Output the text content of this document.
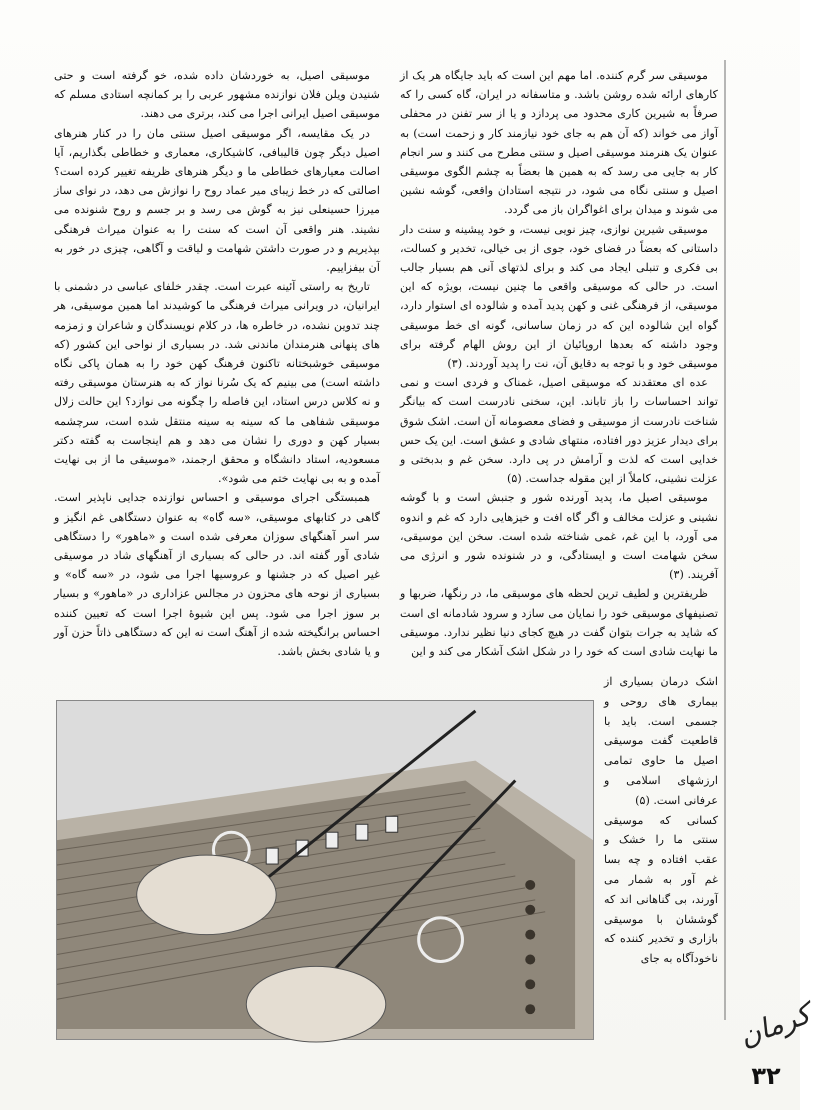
موسیقی سر گرم کننده. اما مهم این است که باید جایگاه هر یک از کارهای ارائه شده روشن باشد. و متاسفانه در ایران، گاه کسی را که صرفاً به شیرین کاری محدود می پردازد و یا از سر تفنن در محفلی آواز می خواند (که آن هم به جای خود نیازمند کار و زحمت است) به عنوان یک هنرمند موسیقی اصیل و سنتی مطرح می کنند و سر انجام کار به جایی می رسد که به همین ها بعضاً به چشم الگوی موسیقی اصیل و سنتی نگاه می شود، در نتیجه استادان واقعی، گوشه نشین می شوند و میدان برای اغواگران باز می گردد.

موسیقی شیرین نوازی، چیز نویی نیست، و خود پیشینه و سنت دار داستانی که بعضاً در فضای خود، جوی از بی خیالی، تخدیر و کسالت، بی فکری و تنبلی ایجاد می کند و برای لذتهای آنی هم بسیار جالب است. در حالی که موسیقی واقعی ما چنین نیست، بویژه که این موسیقی، از فرهنگی غنی و کهن پدید آمده و شالوده ای استوار دارد، گواه این شالوده این که در زمان ساسانی، گونه ای خط موسیقی وجود داشته که بعدها اروپائیان از این روش الهام گرفته برای موسیقی خود و با توجه به دقایق آن، نت را پدید آوردند. (۳)

عده ای معتقدند که موسیقی اصیل، غمناک و فردی است و نمی تواند احساسات را باز تاباند. این، سخنی نادرست است که بیانگر شناخت نادرست از موسیقی و فضای معصومانه آن است. اشک شوق برای دیدار عزیز دور افتاده، منتهای شادی و عشق است. این یک حس خدایی است که لذت و آرامش در پی دارد. سخن غم و بدبختی و عزلت نشینی، کاملاً از این مقوله جداست. (۵)

موسیقی اصیل ما، پدید آورنده شور و جنبش است و با گوشه نشینی و عزلت مخالف و اگر گاه افت و خیزهایی دارد که غم و اندوه می آورد، با این غم، غمی شناخته شده است. سخن این موسیقی، سخن شهامت است و ایستادگی، و در شنونده شور و انرژی می آفریند. (۳)

ظریفترین و لطیف ترین لحظه های موسیقی ما، در رنگها، ضربها و تصنیفهای موسیقی خود را نمایان می سازد و سرود شادمانه ای است که شاید به جرات بتوان گفت در هیچ کجای دنیا نظیر ندارد. موسیقی ما نهایت شادی است که خود را در شکل اشک آشکار می کند و این

اشک درمان بسیاری از بیماری های روحی و جسمی است. باید با قاطعیت گفت موسیقی اصیل ما حاوی تمامی ارزشهای اسلامی و عرفانی است. (۵)

کسانی که موسیقی سنتی ما را خشک و عقب افتاده و چه بسا غم آور به شمار می آورند، بی گناهانی اند که گوششان با موسیقی بازاری و تخدیر کننده که ناخودآگاه به جای

موسیقی اصیل، به خوردشان داده شده، خو گرفته است و حتی شنیدن ویلن فلان نوازنده مشهور عربی را بر کمانچه استادی مسلم که موسیقی اصیل ایرانی اجرا می کند، برتری می دهند.

در یک مقایسه، اگر موسیقی اصیل سنتی مان را در کنار هنرهای اصیل دیگر چون قالیبافی، کاشیکاری، معماری و خطاطی بگذاریم، آیا اصالت معیارهای خطاطی ما و دیگر هنرهای ظریفه تغییر کرده است؟ اصالتی که در خط زیبای میر عماد روح را نوازش می دهد، در نوای ساز میرزا حسینعلی نیز به گوش می رسد و بر جسم و روح شنونده می نشیند. هنر واقعی آن است که سنت را به عنوان میراث فرهنگی بپذیریم و در صورت داشتن شهامت و لیاقت و آگاهی، چیزی در خور به آن بیفزاییم.

تاریخ به راستی آئینه عبرت است. چقدر خلفای عباسی در دشمنی با ایرانیان، در ویرانی میراث فرهنگی ما کوشیدند اما همین موسیقی، هر چند تدوین نشده، در خاطره ها، در کلام نویسندگان و شاعران و زمزمه های پنهانی هنرمندان ماندنی شد. در بسیاری از نواحی این کشور (که موسیقی خوشبختانه تاکنون فرهنگ کهن خود را به همان پاکی نگاه داشته است) می بینیم که یک سُرنا نواز که به هنرستان موسیقی رفته و نه کلاس درس استاد، این فاصله را چگونه می نوازد؟ این حالت زلال موسیقی شفاهی ما که سینه به سینه منتقل شده است، سرچشمه بسیار کهن و دوری را نشان می دهد و هم اینجاست به گفته دکتر مسعودیه، استاد دانشگاه و محقق ارجمند، «موسیقی ما از بی نهایت آمده و به بی نهایت ختم می شود».

همبستگی اجرای موسیقی و احساس نوازنده جدایی ناپذیر است. گاهی در کتابهای موسیقی، «سه گاه» به عنوان دستگاهی غم انگیز و سر اسر آهنگهای سوزان معرفی شده است و «ماهور» را دستگاهی شادی آور گفته اند. در حالی که بسیاری از آهنگهای شاد در موسیقی غیر اصیل که در جشنها و عروسیها اجرا می شود، در «سه گاه» و بسیاری از نوحه های محزون در مجالس عزاداری در «ماهور» و بسیار بر سوز اجرا می شود. پس این شیوهٔ اجرا است که تعیین کننده احساس برانگیخته شده از آهنگ است نه این که دستگاهی ذاتاً حزن آور و یا شادی بخش باشد.

کرمان
۳۲
